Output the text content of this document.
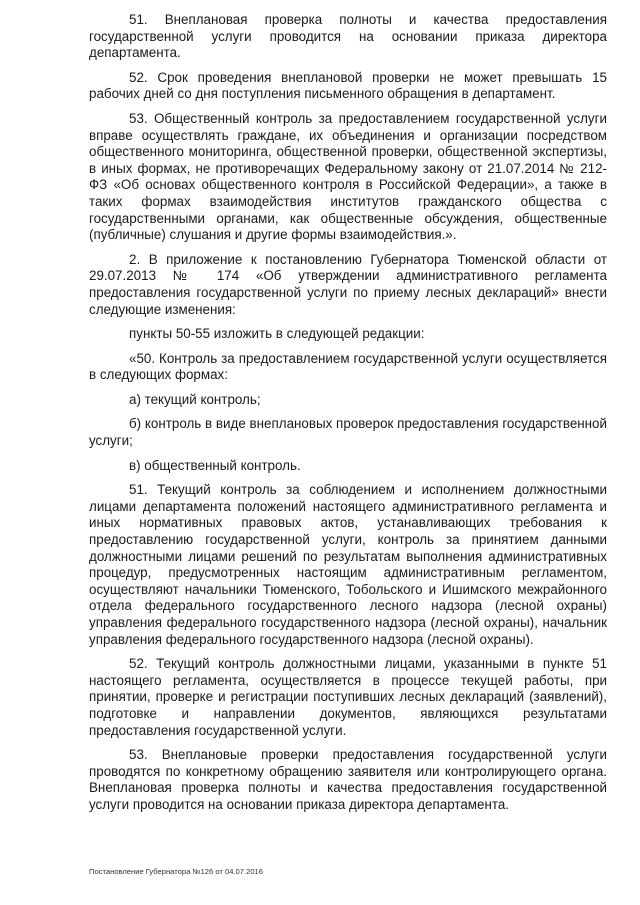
51. Внеплановая проверка полноты и качества предоставления государственной услуги проводится на основании приказа директора департамента.

52. Срок проведения внеплановой проверки не может превышать 15 рабочих дней со дня поступления письменного обращения в департамент.

53. Общественный контроль за предоставлением государственной услуги вправе осуществлять граждане, их объединения и организации посредством общественного мониторинга, общественной проверки, общественной экспертизы, в иных формах, не противоречащих Федеральному закону от 21.07.2014 № 212-ФЗ «Об основах общественного контроля в Российской Федерации», а также в таких формах взаимодействия институтов гражданского общества с государственными органами, как общественные обсуждения, общественные (публичные) слушания и другие формы взаимодействия.».

2. В приложение к постановлению Губернатора Тюменской области от 29.07.2013 № 174 «Об утверждении административного регламента предоставления государственной услуги по приему лесных деклараций» внести следующие изменения:

пункты 50-55 изложить в следующей редакции:

«50. Контроль за предоставлением государственной услуги осуществляется в следующих формах:

а) текущий контроль;

б) контроль в виде внеплановых проверок предоставления государственной услуги;

в) общественный контроль.

51. Текущий контроль за соблюдением и исполнением должностными лицами департамента положений настоящего административного регламента и иных нормативных правовых актов, устанавливающих требования к предоставлению государственной услуги, контроль за принятием данными должностными лицами решений по результатам выполнения административных процедур, предусмотренных настоящим административным регламентом, осуществляют начальники Тюменского, Тобольского и Ишимского межрайонного отдела федерального государственного лесного надзора (лесной охраны) управления федерального государственного надзора (лесной охраны), начальник управления федерального государственного надзора (лесной охраны).

52. Текущий контроль должностными лицами, указанными в пункте 51 настоящего регламента, осуществляется в процессе текущей работы, при принятии, проверке и регистрации поступивших лесных деклараций (заявлений), подготовке и направлении документов, являющихся результатами предоставления государственной услуги.

53. Внеплановые проверки предоставления государственной услуги проводятся по конкретному обращению заявителя или контролирующего органа. Внеплановая проверка полноты и качества предоставления государственной услуги проводится на основании приказа директора департамента.

Постановление Губернатора №126 от 04.07.2016
